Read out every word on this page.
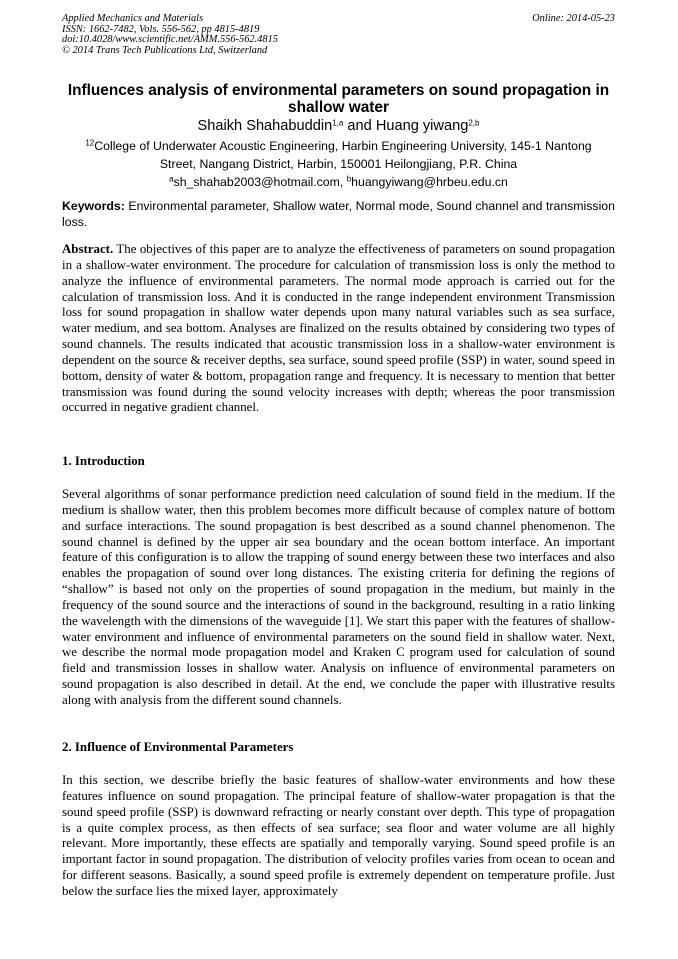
Applied Mechanics and Materials
ISSN: 1662-7482, Vols. 556-562, pp 4815-4819
doi:10.4028/www.scientific.net/AMM.556-562.4815
© 2014 Trans Tech Publications Ltd, Switzerland
Online: 2014-05-23
Influences analysis of environmental parameters on sound propagation in shallow water
Shaikh Shahabuddin$^{1,a}$ and Huang yiwang$^{2,b}$
$^{12}$College of Underwater Acoustic Engineering, Harbin Engineering University, 145-1 Nantong
Street, Nangang District, Harbin, 150001 Heilongjiang, P.R. China
$^a$sh_shahab2003@hotmail.com, $^b$huangyiwang@hrbeu.edu.cn
Keywords: Environmental parameter, Shallow water, Normal mode, Sound channel and transmission loss.
Abstract. The objectives of this paper are to analyze the effectiveness of parameters on sound propagation in a shallow-water environment. The procedure for calculation of transmission loss is only the method to analyze the influence of environmental parameters. The normal mode approach is carried out for the calculation of transmission loss. And it is conducted in the range independent environment Transmission loss for sound propagation in shallow water depends upon many natural variables such as sea surface, water medium, and sea bottom. Analyses are finalized on the results obtained by considering two types of sound channels. The results indicated that acoustic transmission loss in a shallow-water environment is dependent on the source & receiver depths, sea surface, sound speed profile (SSP) in water, sound speed in bottom, density of water & bottom, propagation range and frequency. It is necessary to mention that better transmission was found during the sound velocity increases with depth; whereas the poor transmission occurred in negative gradient channel.
1. Introduction
Several algorithms of sonar performance prediction need calculation of sound field in the medium. If the medium is shallow water, then this problem becomes more difficult because of complex nature of bottom and surface interactions. The sound propagation is best described as a sound channel phenomenon. The sound channel is defined by the upper air sea boundary and the ocean bottom interface. An important feature of this configuration is to allow the trapping of sound energy between these two interfaces and also enables the propagation of sound over long distances. The existing criteria for defining the regions of “shallow” is based not only on the properties of sound propagation in the medium, but mainly in the frequency of the sound source and the interactions of sound in the background, resulting in a ratio linking the wavelength with the dimensions of the waveguide [1]. We start this paper with the features of shallow-water environment and influence of environmental parameters on the sound field in shallow water. Next, we describe the normal mode propagation model and Kraken C program used for calculation of sound field and transmission losses in shallow water. Analysis on influence of environmental parameters on sound propagation is also described in detail. At the end, we conclude the paper with illustrative results along with analysis from the different sound channels.
2. Influence of Environmental Parameters
In this section, we describe briefly the basic features of shallow-water environments and how these features influence on sound propagation. The principal feature of shallow-water propagation is that the sound speed profile (SSP) is downward refracting or nearly constant over depth. This type of propagation is a quite complex process, as then effects of sea surface; sea floor and water volume are all highly relevant. More importantly, these effects are spatially and temporally varying. Sound speed profile is an important factor in sound propagation. The distribution of velocity profiles varies from ocean to ocean and for different seasons. Basically, a sound speed profile is extremely dependent on temperature profile. Just below the surface lies the mixed layer, approximately
